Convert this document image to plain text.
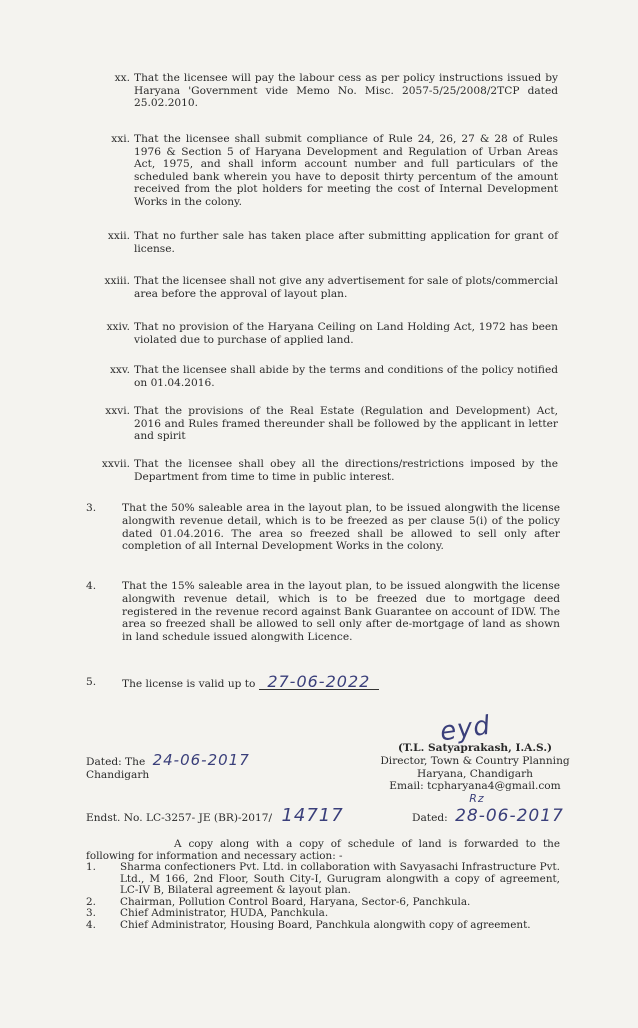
xx. That the licensee will pay the labour cess as per policy instructions issued by Haryana 'Government vide Memo No. Misc. 2057-5/25/2008/2TCP dated 25.02.2010.
xxi. That the licensee shall submit compliance of Rule 24, 26, 27 & 28 of Rules 1976 & Section 5 of Haryana Development and Regulation of Urban Areas Act, 1975, and shall inform account number and full particulars of the scheduled bank wherein you have to deposit thirty percentum of the amount received from the plot holders for meeting the cost of Internal Development Works in the colony.
xxii. That no further sale has taken place after submitting application for grant of license.
xxiii. That the licensee shall not give any advertisement for sale of plots/commercial area before the approval of layout plan.
xxiv. That no provision of the Haryana Ceiling on Land Holding Act, 1972 has been violated due to purchase of applied land.
xxv. That the licensee shall abide by the terms and conditions of the policy notified on 01.04.2016.
xxvi. That the provisions of the Real Estate (Regulation and Development) Act, 2016 and Rules framed thereunder shall be followed by the applicant in letter and spirit
xxvii. That the licensee shall obey all the directions/restrictions imposed by the Department from time to time in public interest.
3. That the 50% saleable area in the layout plan, to be issued alongwith the license alongwith revenue detail, which is to be freezed as per clause 5(i) of the policy dated 01.04.2016. The area so freezed shall be allowed to sell only after completion of all Internal Development Works in the colony.
4. That the 15% saleable area in the layout plan, to be issued alongwith the license alongwith revenue detail, which is to be freezed due to mortgage deed registered in the revenue record against Bank Guarantee on account of IDW. The area so freezed shall be allowed to sell only after de-mortgage of land as shown in land schedule issued alongwith Licence.
5. The license is valid up to 27-06-2022
eyd
(T.L. Satyaprakash, I.A.S.)
Director, Town & Country Planning
Haryana, Chandigarh
Email: tcpharyana4@gmail.com Rz
Dated: The 24-06-2017
Chandigarh
Endst. No. LC-3257- JE (BR)-2017/ 14717	Dated: 28-06-2017
A copy along with a copy of schedule of land is forwarded to the following for information and necessary action: -
1. Sharma confectioners Pvt. Ltd. in collaboration with Savyasachi Infrastructure Pvt. Ltd., M 166, 2nd Floor, South City-I, Gurugram alongwith a copy of agreement, LC-IV B, Bilateral agreement & layout plan.
2. Chairman, Pollution Control Board, Haryana, Sector-6, Panchkula.
3. Chief Administrator, HUDA, Panchkula.
4. Chief Administrator, Housing Board, Panchkula alongwith copy of agreement.
